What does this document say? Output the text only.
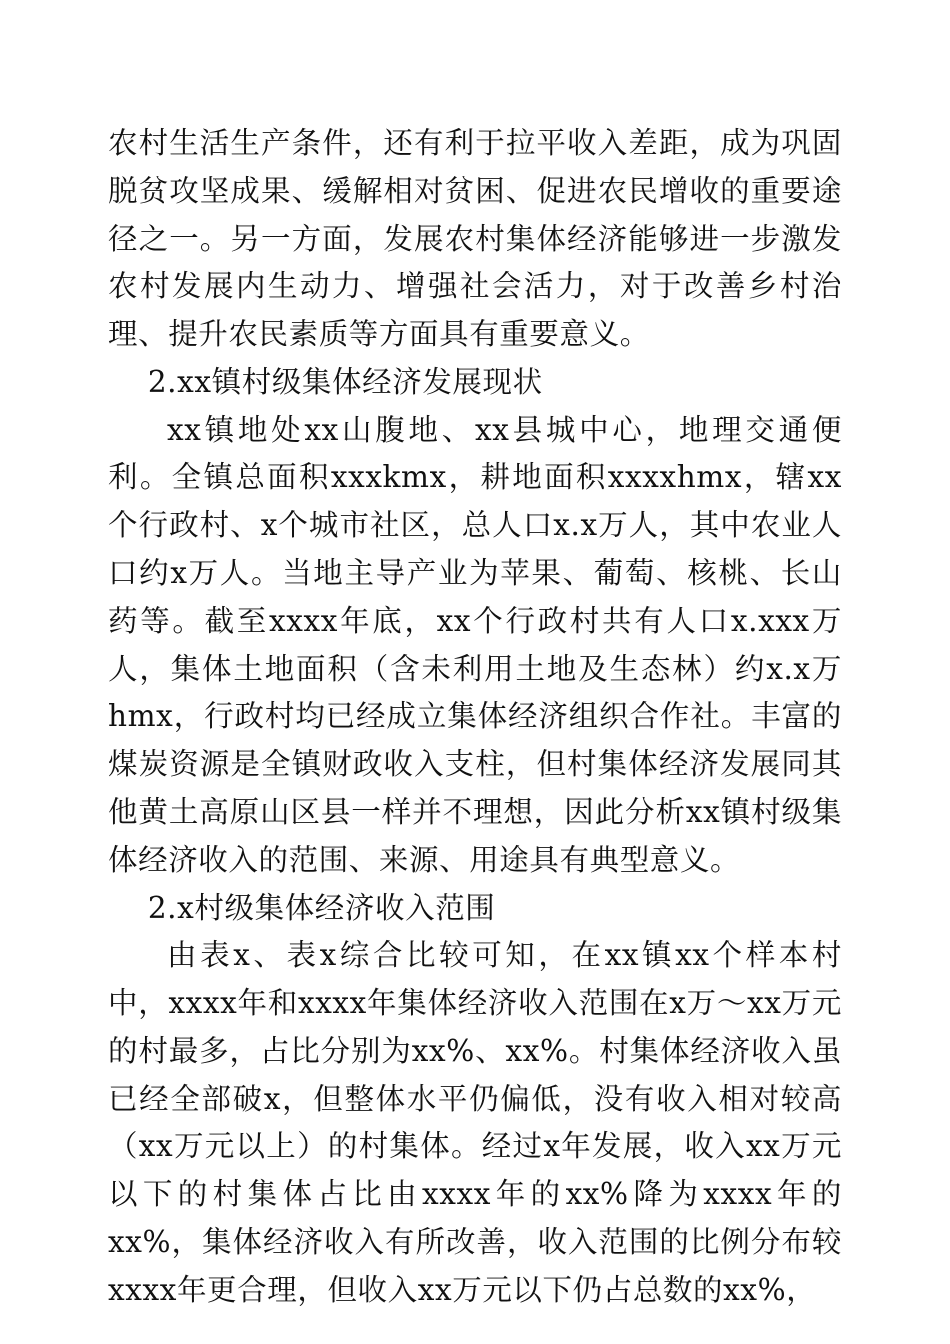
农村生活生产条件，还有利于拉平收入差距，成为巩固脱贫攻坚成果、缓解相对贫困、促进农民增收的重要途径之一。另一方面，发展农村集体经济能够进一步激发农村发展内生动力、增强社会活力，对于改善乡村治理、提升农民素质等方面具有重要意义。

2.xx镇村级集体经济发展现状

xx镇地处xx山腹地、xx县城中心，地理交通便利。全镇总面积xxxkmx，耕地面积xxxxhmx，辖xx个行政村、x个城市社区，总人口x.x万人，其中农业人口约x万人。当地主导产业为苹果、葡萄、核桃、长山药等。截至xxxx年底，xx个行政村共有人口x.xxx万人，集体土地面积（含未利用土地及生态林）约x.x万hmx，行政村均已经成立集体经济组织合作社。丰富的煤炭资源是全镇财政收入支柱，但村集体经济发展同其他黄土高原山区县一样并不理想，因此分析xx镇村级集体经济收入的范围、来源、用途具有典型意义。

2.x村级集体经济收入范围

由表x、表x综合比较可知，在xx镇xx个样本村中，xxxx年和xxxx年集体经济收入范围在x万～xx万元的村最多，占比分别为xx%、xx%。村集体经济收入虽已经全部破x，但整体水平仍偏低，没有收入相对较高（xx万元以上）的村集体。经过x年发展，收入xx万元以下的村集体占比由xxxx年的xx%降为xxxx年的xx%，集体经济收入有所改善，收入范围的比例分布较xxxx年更合理，但收入xx万元以下仍占总数的xx%，
